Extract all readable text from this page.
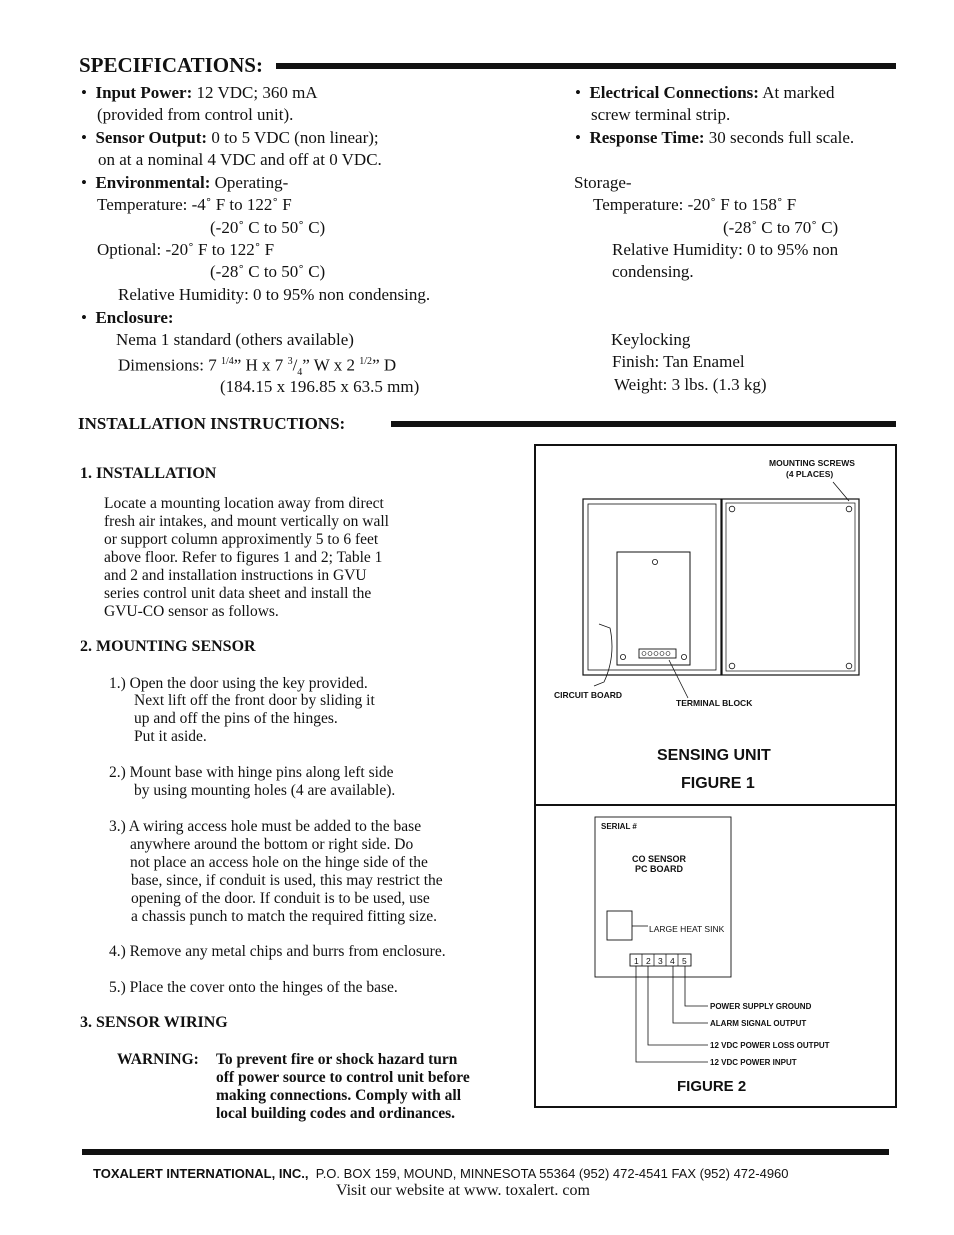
SPECIFICATIONS:
• Input Power: 12 VDC; 360 mA
(provided from control unit).
• Sensor Output: 0 to 5 VDC (non linear);
on at a nominal 4 VDC and off at 0 VDC.
• Environmental: Operating-
Temperature: -4˚ F to 122˚ F
(-20˚ C to 50˚ C)
Optional: -20˚ F to 122˚ F
(-28˚ C to 50˚ C)
Relative Humidity: 0 to 95% non condensing.
• Enclosure:
Nema 1 standard (others available)
Dimensions: 7 $^{1/4}$” H x 7 $^3/_4$” W x 2 $^{1/2}$” D
(184.15 x 196.85 x 63.5 mm)
• Electrical Connections: At marked
screw terminal strip.
• Response Time: 30 seconds full scale.
Storage-
Temperature: -20˚ F to 158˚ F
(-28˚ C to 70˚ C)
Relative Humidity: 0 to 95% non
condensing.
Keylocking
Finish: Tan Enamel
Weight: 3 lbs. (1.3 kg)
INSTALLATION INSTRUCTIONS:
1. INSTALLATION
Locate a mounting location away from direct
fresh air intakes, and mount vertically on wall
or support column approximently 5 to 6 feet
above floor. Refer to figures 1 and 2; Table 1
and 2 and installation instructions in GVU
series control unit data sheet and install the
GVU-CO sensor as follows.
2. MOUNTING SENSOR
1.) Open the door using the key provided.
Next lift off the front door by sliding it
up and off the pins of the hinges.
Put it aside.
2.) Mount base with hinge pins along left side
by using mounting holes (4 are available).
3.) A wiring access hole must be added to the base
anywhere around the bottom or right side. Do
not place an access hole on the hinge side of the
base, since, if conduit is used, this may restrict the
opening of the door. If conduit is to be used, use
a chassis punch to match the required fitting size.
4.) Remove any metal chips and burrs from enclosure.
5.) Place the cover onto the hinges of the base.
3. SENSOR WIRING
WARNING: To prevent fire or shock hazard turn
off power source to control unit before
making connections. Comply with all
local building codes and ordinances.
MOUNTING SCREWS
(4 PLACES)
CIRCUIT BOARD
TERMINAL BLOCK
SENSING UNIT
FIGURE 1
SERIAL #
CO SENSOR
PC BOARD
LARGE HEAT SINK
1 2 3 4 5
POWER SUPPLY GROUND
ALARM SIGNAL OUTPUT
12 VDC POWER LOSS OUTPUT
12 VDC POWER INPUT
FIGURE 2
TOXALERT INTERNATIONAL, INC., P.O. BOX 159, MOUND, MINNESOTA 55364 (952) 472-4541 FAX (952) 472-4960
Visit our website at www. toxalert. com
